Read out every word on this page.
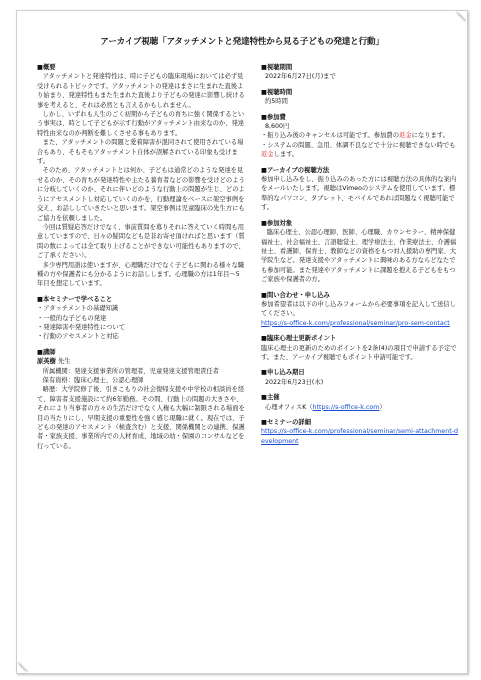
アーカイブ視聴「アタッチメントと発達特性から見る子どもの発達と行動」
■概要
アタッチメントと発達特性は、時に子どもの臨床現場においては必ず見受けられるトピックです。アタッチメントの発達はまさに生まれた直後より始まり、発達特性もまた生まれた直後より子どもの発達に影響し続ける事を考えると、それは必然とも言えるかもしれません。
しかし、いずれも人生のごく初期から子どもの育ちに強く関係するという事実は、時として子どもが示す行動がアタッチメント由来なのか、発達特性由来なのか判断を難しくさせる事もあります。
また、アタッチメントの問題と愛着障害が混同されて使用されている場合もあり、そもそもアタッチメント自体が誤解されている印象も受けます。
そのため、アタッチメントとは何か、子どもは通常どのような発達を見せるのか、その育ちが発達特性や主たる養育者などの影響を受けどのように分岐していくのか、それに伴いどのような行動上の問題が生じ、どのようにアセスメントし対応していくのかを、行動理論をベースに架空事例を交え、お話ししていきたいと思います。架空事例は児童臨床の先生方にもご協力を依頼しました。
今回は質疑応答だけでなく、事前質問を募りそれに答えていく時間も用意していますので、日々の疑問なども是非お寄せ頂ければと思います（質問の数によっては全て取り上げることができない可能性もありますので、ご了承ください）。
多少専門用語は使いますが、心理職だけでなく子どもに関わる様々な職種の方や保護者にも分かるようにお話しします。心理職の方は1年目〜5年目を想定しています。
■本セミナーで学べること
・アタッチメントの基礎知識
・一般的な子どもの発達
・発達障害や発達特性について
・行動のアセスメントと対応
■講師
原英樹 先生
所属機関：発達支援事業所の管理者、児童発達支援管理責任者
保有資格：臨床心理士、公認心理師
略歴：大学院修了後、引きこもりの社会復帰支援や中学校の相談員を経て、障害者支援施設にて約6年勤務。その間、行動上の問題の大きさや、それにより当事者の方々の生活だけでなく人権も大幅に制限される場面を目の当たりにし、早期支援の重要性を強く感じ現職に就く。現在では、子どもの発達のアセスメント（検査含む）と支援、関係機関との連携、保護者・家族支援、事業所内での人材育成、地域の幼・保園のコンサルなどを行っている。
■視聴期間
2022年6月27日(月)まで
■視聴時間
約5時間
■参加費
8,600円
・振り込み後のキャンセルは可能です。参加費の返金になります。
・システムの問題、急用、体調不良などで十分に視聴できない時でも返金します。
■アーカイブの視聴方法
参加申し込みをし、振り込みのあった方には視聴方法の具体的な案内をメールいたします。視聴はVimeoのシステムを使用しています。標準的なパソコン、タブレット、モバイルであれば問題なく視聴可能です。
■参加対象
臨床心理士、公認心理師、医師、心理職、カウンセラー、精神保健福祉士、社会福祉士、言語聴覚士、理学療法士、作業療法士、介護福祉士、看護師、保育士、教師などの資格をもつ対人援助の専門家、大学院生など。発達支援やアタッチメントに興味のある方ならどなたでも参加可能。また発達やアタッチメントに課題を抱える子どもをもつご家族や保護者の方。
■問い合わせ・申し込み
参加希望者は以下の申し込みフォームから必要事項を記入して送信してください。
https://s-office-k.com/professional/seminar/pro-sem-contact
■臨床心理士更新ポイント
臨床心理士の更新のためのポイントを2条(4)の項目で申請する予定です。また、アーカイブ視聴でもポイント申請可能です。
■申し込み期日
2022年6月23日(木)
■主催
心理オフィスK（https://s-office-k.com）
■セミナーの詳細
https://s-office-k.com/professional/seminar/semi-attachment-development
